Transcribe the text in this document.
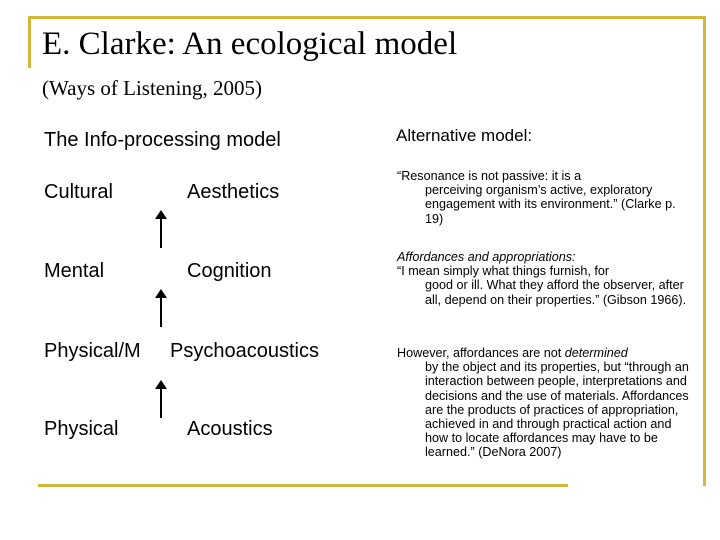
E. Clarke: An ecological model
(Ways of Listening, 2005)
The Info-processing model
Cultural	Aesthetics
Mental	Cognition
Physical/M Psychoacoustics
Physical	Acoustics
Alternative model:
“Resonance is not passive: it is a
perceiving organism’s active, exploratory engagement with its environment.” (Clarke p. 19)
Affordances and appropriations:
“I mean simply what things furnish, for
good or ill. What they afford the observer, after all, depend on their properties.” (Gibson 1966).
However, affordances are not determined
by the object and its properties, but “through an interaction between people, interpretations and decisions and the use of materials. Affordances are the products of practices of appropriation, achieved in and through practical action and how to locate affordances may have to be learned.” (DeNora 2007)
